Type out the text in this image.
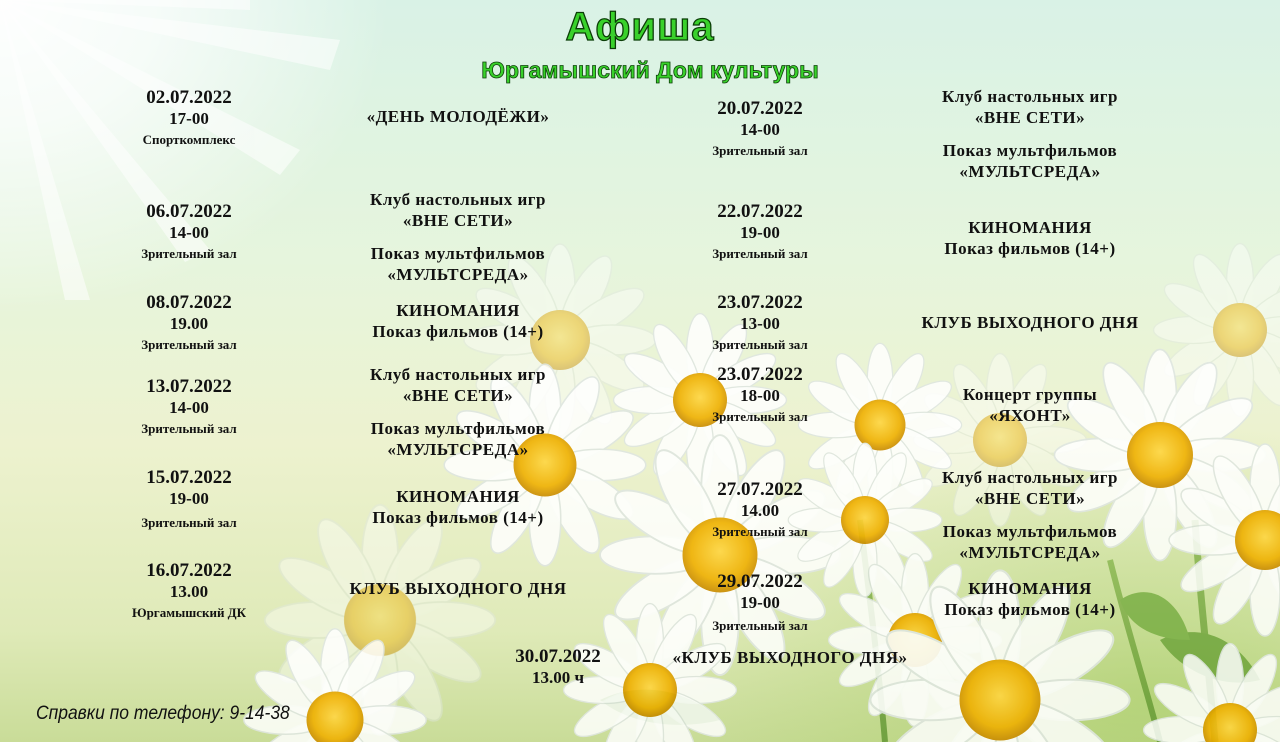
Афиша
Юргамышский Дом культуры
02.07.2022
17-00
Спорткомплекс
«ДЕНЬ МОЛОДЁЖИ»
06.07.2022
14-00
Зрительный зал
Клуб настольных игр
«ВНЕ СЕТИ»
Показ мультфильмов
«МУЛЬТСРЕДА»
08.07.2022
19.00
Зрительный зал
КИНОМАНИЯ
Показ фильмов (14+)
13.07.2022
14-00
Зрительный зал
Клуб настольных игр
«ВНЕ СЕТИ»
Показ мультфильмов
«МУЛЬТСРЕДА»
15.07.2022
19-00
Зрительный зал
КИНОМАНИЯ
Показ фильмов (14+)
16.07.2022
13.00
Юргамышский ДК
КЛУБ ВЫХОДНОГО ДНЯ
20.07.2022
14-00
Зрительный зал
Клуб настольных игр
«ВНЕ СЕТИ»
Показ мультфильмов
«МУЛЬТСРЕДА»
22.07.2022
19-00
Зрительный зал
КИНОМАНИЯ
Показ фильмов (14+)
23.07.2022
13-00
Зрительный зал
КЛУБ ВЫХОДНОГО ДНЯ
23.07.2022
18-00
Зрительный зал
Концерт группы
«ЯХОНТ»
27.07.2022
14.00
Зрительный зал
Клуб настольных игр
«ВНЕ СЕТИ»
Показ мультфильмов
«МУЛЬТСРЕДА»
29.07.2022
19-00
Зрительный зал
КИНОМАНИЯ
Показ фильмов (14+)
30.07.2022
13.00 ч
«КЛУБ ВЫХОДНОГО ДНЯ»
Справки по телефону: 9-14-38
